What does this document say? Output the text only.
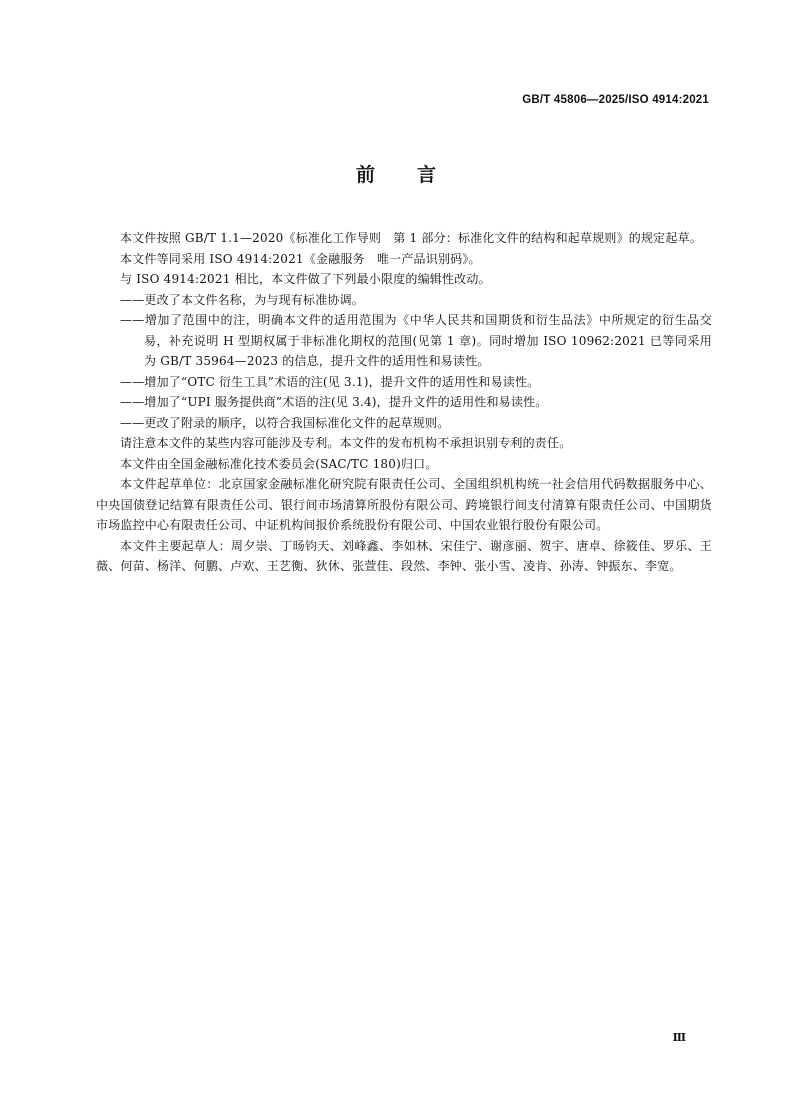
GB/T 45806—2025/ISO 4914:2021
前言

本文件按照 GB/T 1.1—2020《标准化工作导则　第 1 部分：标准化文件的结构和起草规则》的规定起草。

本文件等同采用 ISO 4914:2021《金融服务　唯一产品识别码》。

与 ISO 4914:2021 相比，本文件做了下列最小限度的编辑性改动。

——更改了本文件名称，为与现有标准协调。

——增加了范围中的注，明确本文件的适用范围为《中华人民共和国期货和衍生品法》中所规定的衍生品交易，补充说明 H 型期权属于非标准化期权的范围(见第 1 章)。同时增加 ISO 10962:2021 已等同采用为 GB/T 35964—2023 的信息，提升文件的适用性和易读性。

——增加了“OTC 衍生工具”术语的注(见 3.1)，提升文件的适用性和易读性。

——增加了“UPI 服务提供商”术语的注(见 3.4)，提升文件的适用性和易读性。

——更改了附录的顺序，以符合我国标准化文件的起草规则。

请注意本文件的某些内容可能涉及专利。本文件的发布机构不承担识别专利的责任。

本文件由全国金融标准化技术委员会(SAC/TC 180)归口。

本文件起草单位：北京国家金融标准化研究院有限责任公司、全国组织机构统一社会信用代码数据服务中心、中央国债登记结算有限责任公司、银行间市场清算所股份有限公司、跨境银行间支付清算有限责任公司、中国期货市场监控中心有限责任公司、中证机构间报价系统股份有限公司、中国农业银行股份有限公司。

本文件主要起草人：周夕崇、丁旸钧天、刘峰鑫、李如林、宋佳宁、谢彦丽、贺宇、唐卓、徐筱佳、罗乐、王薇、何苗、杨洋、何鹏、卢欢、王艺衡、狄休、张萱佳、段然、李钟、张小雪、凌肯、孙涛、钟振东、李宽。

Ⅲ
